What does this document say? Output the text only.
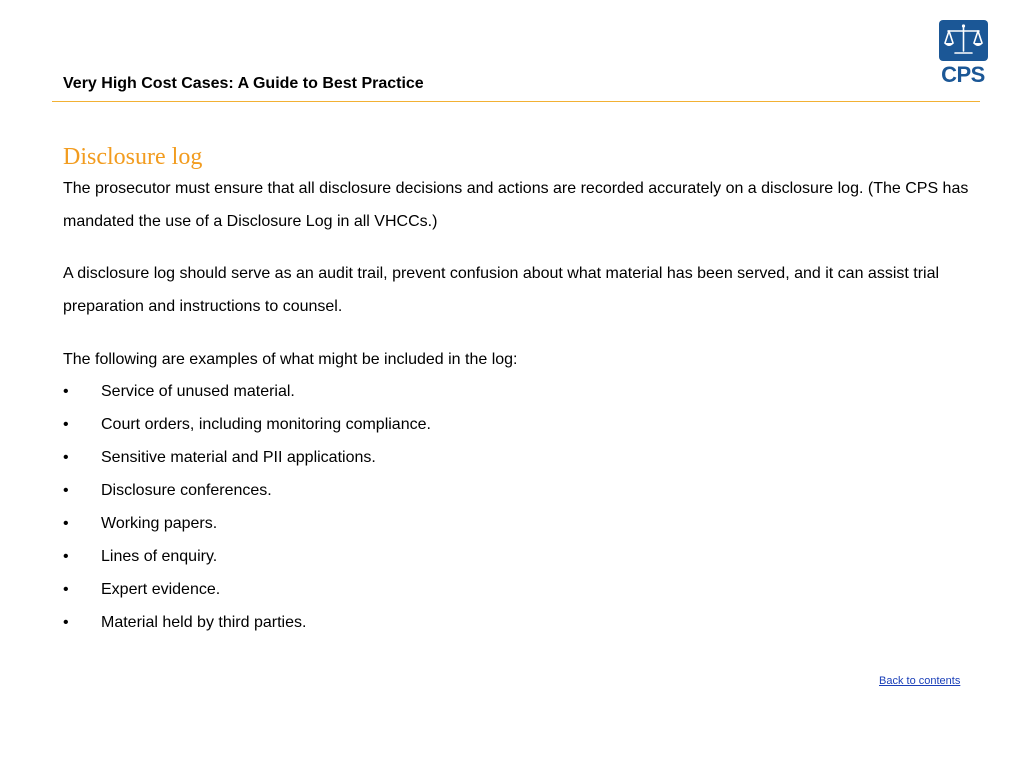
Very High Cost Cases: A Guide to Best Practice	CPS
Disclosure log

The prosecutor must ensure that all disclosure decisions and actions are recorded accurately on a disclosure log. (The CPS has mandated the use of a Disclosure Log in all VHCCs.)

A disclosure log should serve as an audit trail, prevent confusion about what material has been served, and it can assist trial preparation and instructions to counsel.

The following are examples of what might be included in the log:

•	Service of unused material.
•	Court orders, including monitoring compliance.
•	Sensitive material and PII applications.
•	Disclosure conferences.
•	Working papers.
•	Lines of enquiry.
•	Expert evidence.
•	Material held by third parties.
Back to contents
